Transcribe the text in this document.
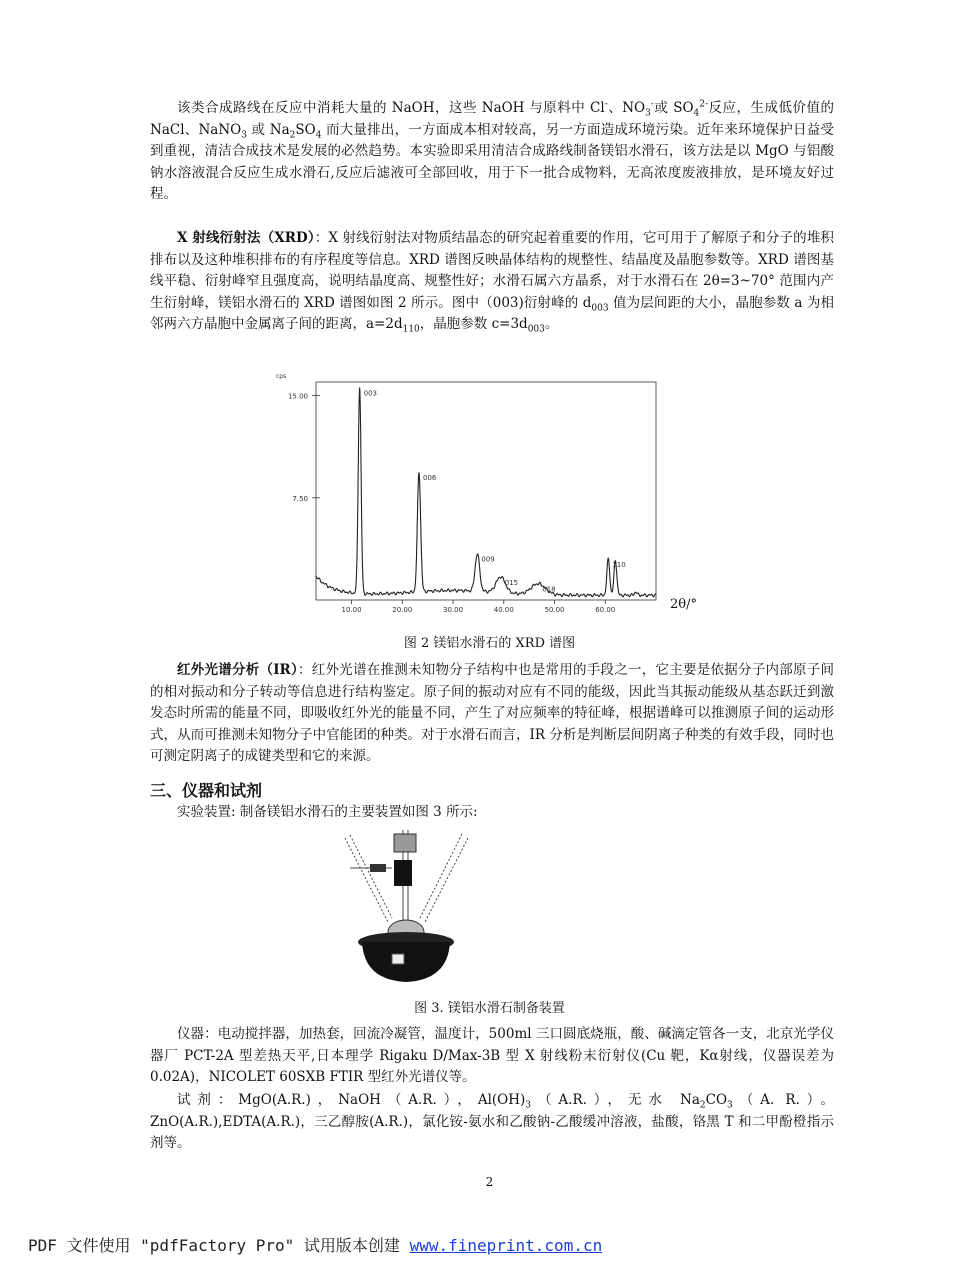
该类合成路线在反应中消耗大量的 NaOH，这些 NaOH 与原料中 Cl-、$NO_3^-$或 $SO_4^{2-}$反应，生成低价值的 NaCl、NaNO$_3$ 或 $Na_2SO_4$ 而大量排出，一方面成本相对较高，另一方面造成环境污染。近年来环境保护日益受到重视，清洁合成技术是发展的必然趋势。本实验即采用清洁合成路线制备镁铝水滑石，该方法是以 MgO 与铝酸钠水溶液混合反应生成水滑石,反应后滤液可全部回收，用于下一批合成物料，无高浓度废液排放，是环境友好过程。

X 射线衍射法（XRD）：X 射线衍射法对物质结晶态的研究起着重要的作用，它可用于了解原子和分子的堆积排布以及这种堆积排布的有序程度等信息。XRD 谱图反映晶体结构的规整性、结晶度及晶胞参数等。XRD 谱图基线平稳、衍射峰窄且强度高，说明结晶度高、规整性好；水滑石属六方晶系，对于水滑石在 2θ=3~70° 范围内产生衍射峰，镁铝水滑石的 XRD 谱图如图 2 所示。图中（003)衍射峰的 $d_{003}$ 值为层间距的大小，晶胞参数 a 为相邻两六方晶胞中金属离子间的距离，$a=2d_{110}$，晶胞参数 $c=3d_{003}$。

cps
15.00
7.50
10.00	20.00	30.00	40.00	50.00	60.00
003
006
009
015
018
110
2θ/°

图 2 镁铝水滑石的 XRD 谱图

红外光谱分析（IR）：红外光谱在推测未知物分子结构中也是常用的手段之一，它主要是依据分子内部原子间的相对振动和分子转动等信息进行结构鉴定。原子间的振动对应有不同的能级，因此当其振动能级从基态跃迁到激发态时所需的能量不同，即吸收红外光的能量不同，产生了对应频率的特征峰，根据谱峰可以推测原子间的运动形式，从而可推测未知物分子中官能团的种类。对于水滑石而言，IR 分析是判断层间阴离子种类的有效手段，同时也可测定阴离子的成键类型和它的来源。

三、仪器和试剂

实验装置: 制备镁铝水滑石的主要装置如图 3 所示:

图 3. 镁铝水滑石制备装置

仪器：电动搅拌器，加热套，回流冷凝管，温度计，500ml 三口圆底烧瓶，酸、碱滴定管各一支，北京光学仪器厂 PCT-2A 型差热天平,日本理学 Rigaku D/Max-3B 型 X 射线粉末衍射仪(Cu 靶，Kα射线，仪器误差为 0.02A)，NICOLET 60SXB FTIR 型红外光谱仪等。

试剂：MgO(A.R.)，NaOH（A.R.），$Al(OH)_3(A.R.)$，无水 $Na_2CO_3(A$. R.）。ZnO(A.R.),EDTA(A.R.)，三乙醇胺(A.R.)，氯化铵-氨水和乙酸钠-乙酸缓冲溶液，盐酸，铬黑 T 和二甲酚橙指示剂等。

2
PDF 文件使用 "pdfFactory Pro" 试用版本创建 www.fineprint.com.cn
